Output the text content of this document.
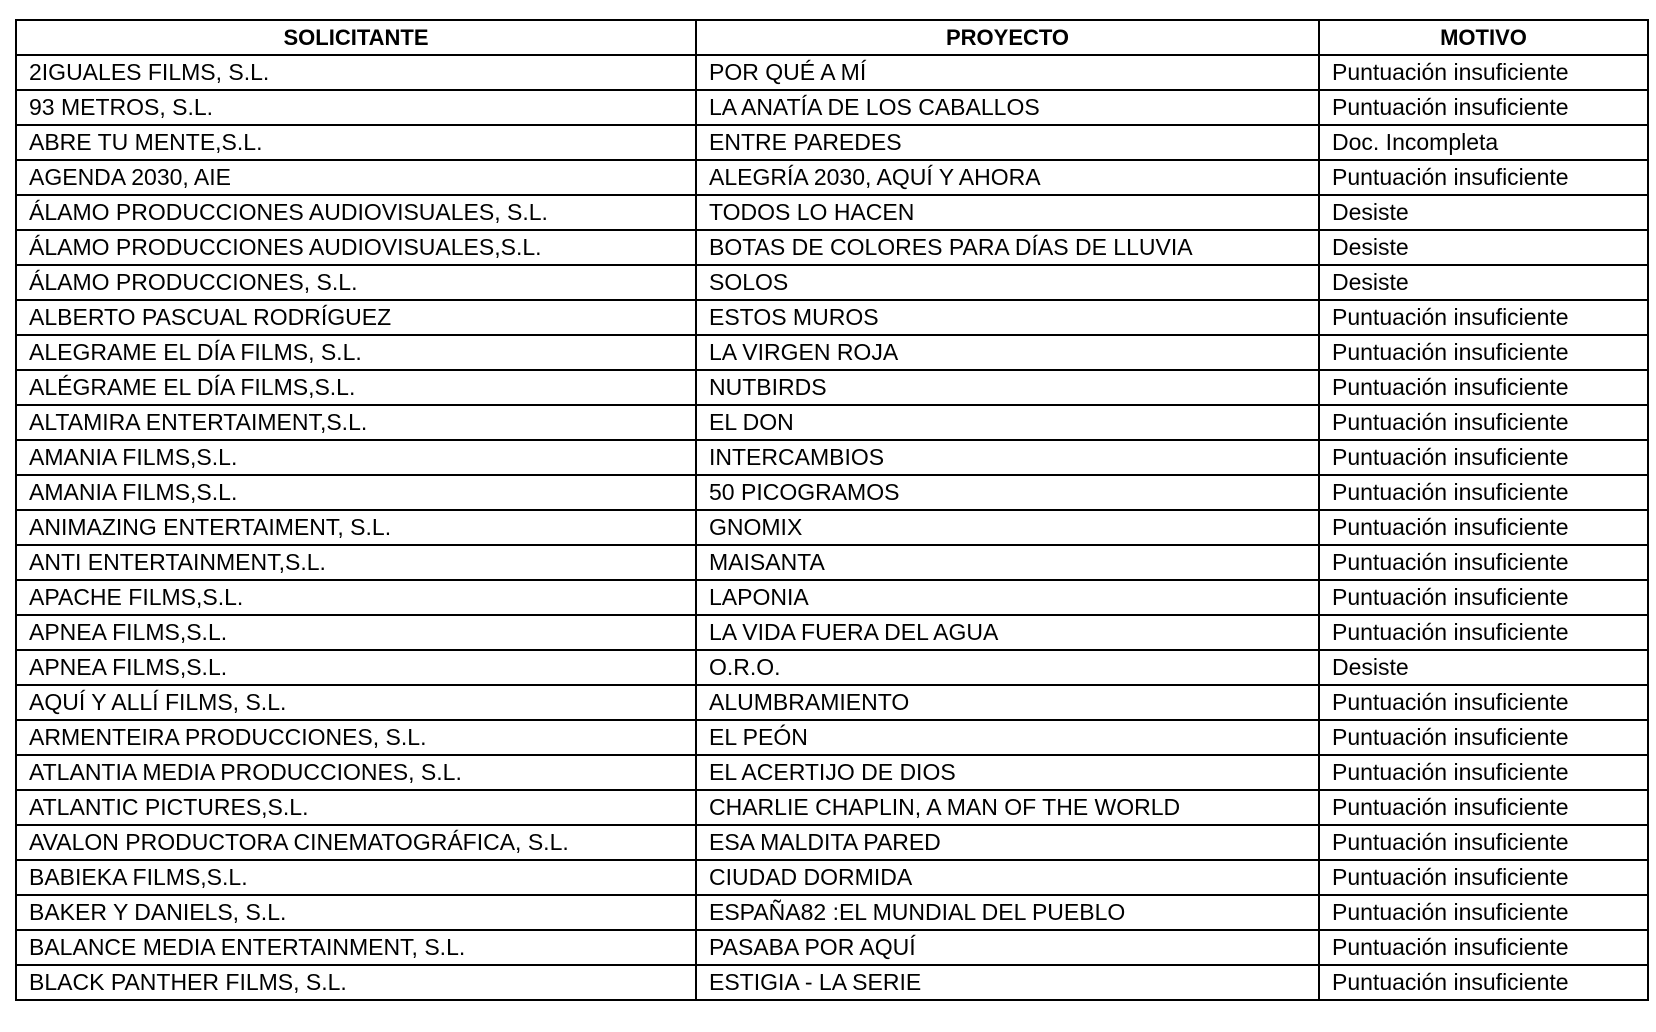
SOLICITANTE	PROYECTO	MOTIVO
2IGUALES FILMS, S.L.	POR QUÉ A MÍ	Puntuación insuficiente
93 METROS, S.L.	LA ANATÍA DE LOS CABALLOS	Puntuación insuficiente
ABRE TU MENTE,S.L.	ENTRE PAREDES	Doc. Incompleta
AGENDA 2030, AIE	ALEGRÍA 2030, AQUÍ Y AHORA	Puntuación insuficiente
ÁLAMO PRODUCCIONES AUDIOVISUALES, S.L.	TODOS LO HACEN	Desiste
ÁLAMO PRODUCCIONES AUDIOVISUALES,S.L.	BOTAS DE COLORES PARA DÍAS DE LLUVIA	Desiste
ÁLAMO PRODUCCIONES, S.L.	SOLOS	Desiste
ALBERTO PASCUAL RODRÍGUEZ	ESTOS MUROS	Puntuación insuficiente
ALEGRAME EL DÍA FILMS, S.L.	LA VIRGEN ROJA	Puntuación insuficiente
ALÉGRAME EL DÍA FILMS,S.L.	NUTBIRDS	Puntuación insuficiente
ALTAMIRA ENTERTAIMENT,S.L.	EL DON	Puntuación insuficiente
AMANIA FILMS,S.L.	INTERCAMBIOS	Puntuación insuficiente
AMANIA FILMS,S.L.	50 PICOGRAMOS	Puntuación insuficiente
ANIMAZING ENTERTAIMENT, S.L.	GNOMIX	Puntuación insuficiente
ANTI ENTERTAINMENT,S.L.	MAISANTA	Puntuación insuficiente
APACHE FILMS,S.L.	LAPONIA	Puntuación insuficiente
APNEA FILMS,S.L.	LA VIDA FUERA DEL AGUA	Puntuación insuficiente
APNEA FILMS,S.L.	O.R.O.	Desiste
AQUÍ Y ALLÍ FILMS, S.L.	ALUMBRAMIENTO	Puntuación insuficiente
ARMENTEIRA PRODUCCIONES, S.L.	EL PEÓN	Puntuación insuficiente
ATLANTIA MEDIA PRODUCCIONES, S.L.	EL ACERTIJO DE DIOS	Puntuación insuficiente
ATLANTIC PICTURES,S.L.	CHARLIE CHAPLIN, A MAN OF THE WORLD	Puntuación insuficiente
AVALON PRODUCTORA CINEMATOGRÁFICA, S.L.	ESA MALDITA PARED	Puntuación insuficiente
BABIEKA FILMS,S.L.	CIUDAD DORMIDA	Puntuación insuficiente
BAKER Y DANIELS, S.L.	ESPAÑA82 :EL MUNDIAL DEL PUEBLO	Puntuación insuficiente
BALANCE MEDIA ENTERTAINMENT, S.L.	PASABA POR AQUÍ	Puntuación insuficiente
BLACK PANTHER FILMS, S.L.	ESTIGIA - LA SERIE	Puntuación insuficiente
